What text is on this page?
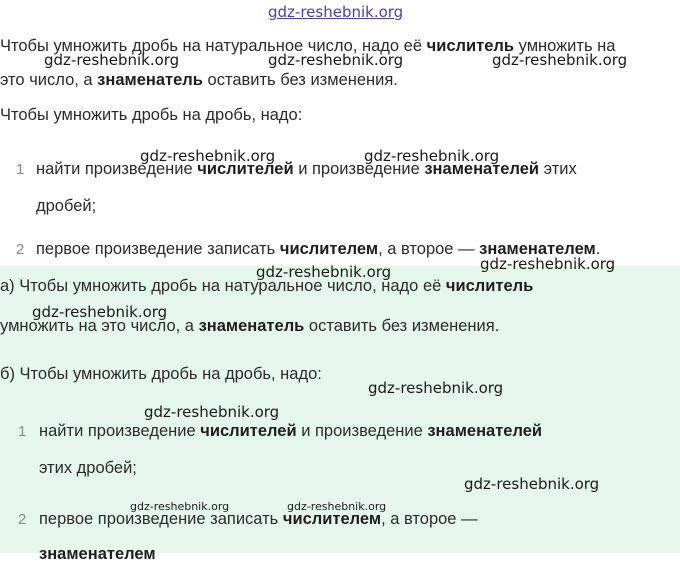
gdz-reshebnik.org
Чтобы умножить дробь на натуральное число, надо её числитель умножить на
это число, а знаменатель оставить без изменения.
Чтобы умножить дробь на дробь, надо:
1 найти произведение числителей и произведение знаменателей этих
дробей;
2 первое произведение записать числителем, а второе — знаменателем.
а) Чтобы умножить дробь на натуральное число, надо её числитель
умножить на это число, а знаменатель оставить без изменения.
б) Чтобы умножить дробь на дробь, надо:
1 найти произведение числителей и произведение знаменателей
этих дробей;
2 первое произведение записать числителем, а второе —
знаменателем
gdz-reshebnik.org	gdz-reshebnik.org	gdz-reshebnik.org
gdz-reshebnik.org	gdz-reshebnik.org
gdz-reshebnik.org	gdz-reshebnik.org
gdz-reshebnik.org
gdz-reshebnik.org
gdz-reshebnik.org
gdz-reshebnik.org
gdz-reshebnik.org	gdz-reshebnik.org
